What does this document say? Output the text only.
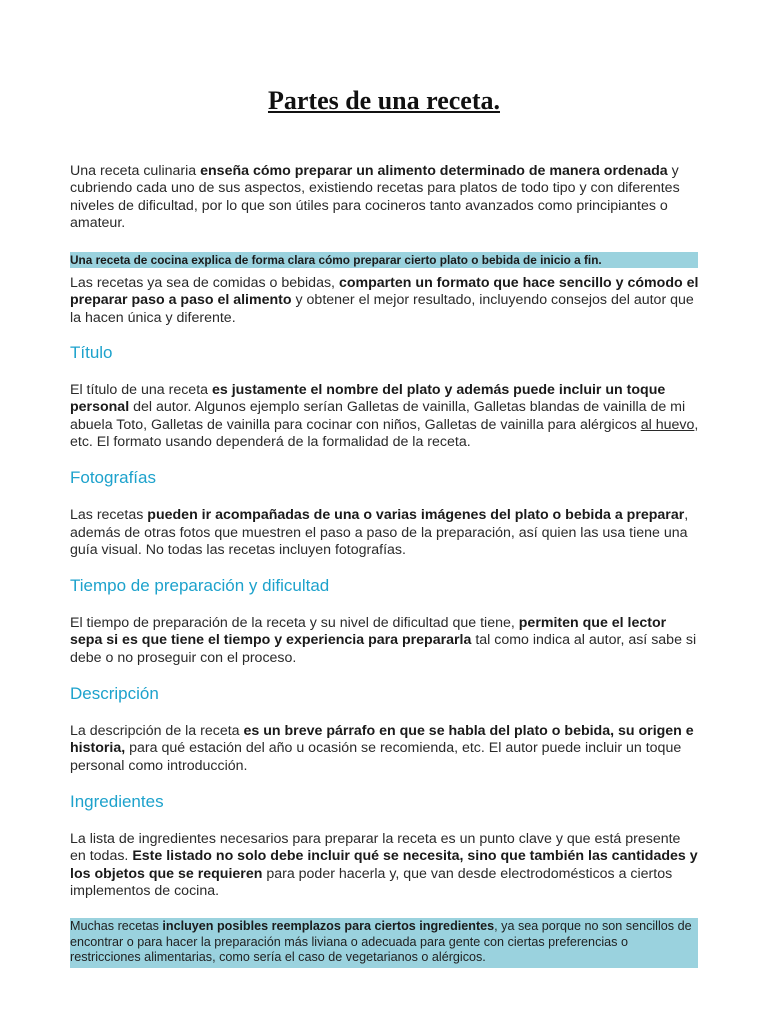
Partes de una receta.

Una receta culinaria enseña cómo preparar un alimento determinado de manera ordenada y cubriendo cada uno de sus aspectos, existiendo recetas para platos de todo tipo y con diferentes niveles de dificultad, por lo que son útiles para cocineros tanto avanzados como principiantes o amateur.

Una receta de cocina explica de forma clara cómo preparar cierto plato o bebida de inicio a fin.

Las recetas ya sea de comidas o bebidas, comparten un formato que hace sencillo y cómodo el preparar paso a paso el alimento y obtener el mejor resultado, incluyendo consejos del autor que la hacen única y diferente.

Título

El título de una receta es justamente el nombre del plato y además puede incluir un toque personal del autor. Algunos ejemplo serían Galletas de vainilla, Galletas blandas de vainilla de mi abuela Toto, Galletas de vainilla para cocinar con niños, Galletas de vainilla para alérgicos al huevo, etc. El formato usando dependerá de la formalidad de la receta.

Fotografías

Las recetas pueden ir acompañadas de una o varias imágenes del plato o bebida a preparar, además de otras fotos que muestren el paso a paso de la preparación, así quien las usa tiene una guía visual. No todas las recetas incluyen fotografías.

Tiempo de preparación y dificultad

El tiempo de preparación de la receta y su nivel de dificultad que tiene, permiten que el lector sepa si es que tiene el tiempo y experiencia para prepararla tal como indica al autor, así sabe si debe o no proseguir con el proceso.

Descripción

La descripción de la receta es un breve párrafo en que se habla del plato o bebida, su origen e historia, para qué estación del año u ocasión se recomienda, etc. El autor puede incluir un toque personal como introducción.

Ingredientes

La lista de ingredientes necesarios para preparar la receta es un punto clave y que está presente en todas. Este listado no solo debe incluir qué se necesita, sino que también las cantidades y los objetos que se requieren para poder hacerla y, que van desde electrodomésticos a ciertos implementos de cocina.

Muchas recetas incluyen posibles reemplazos para ciertos ingredientes, ya sea porque no son sencillos de encontrar o para hacer la preparación más liviana o adecuada para gente con ciertas preferencias o restricciones alimentarias, como sería el caso de vegetarianos o alérgicos.
